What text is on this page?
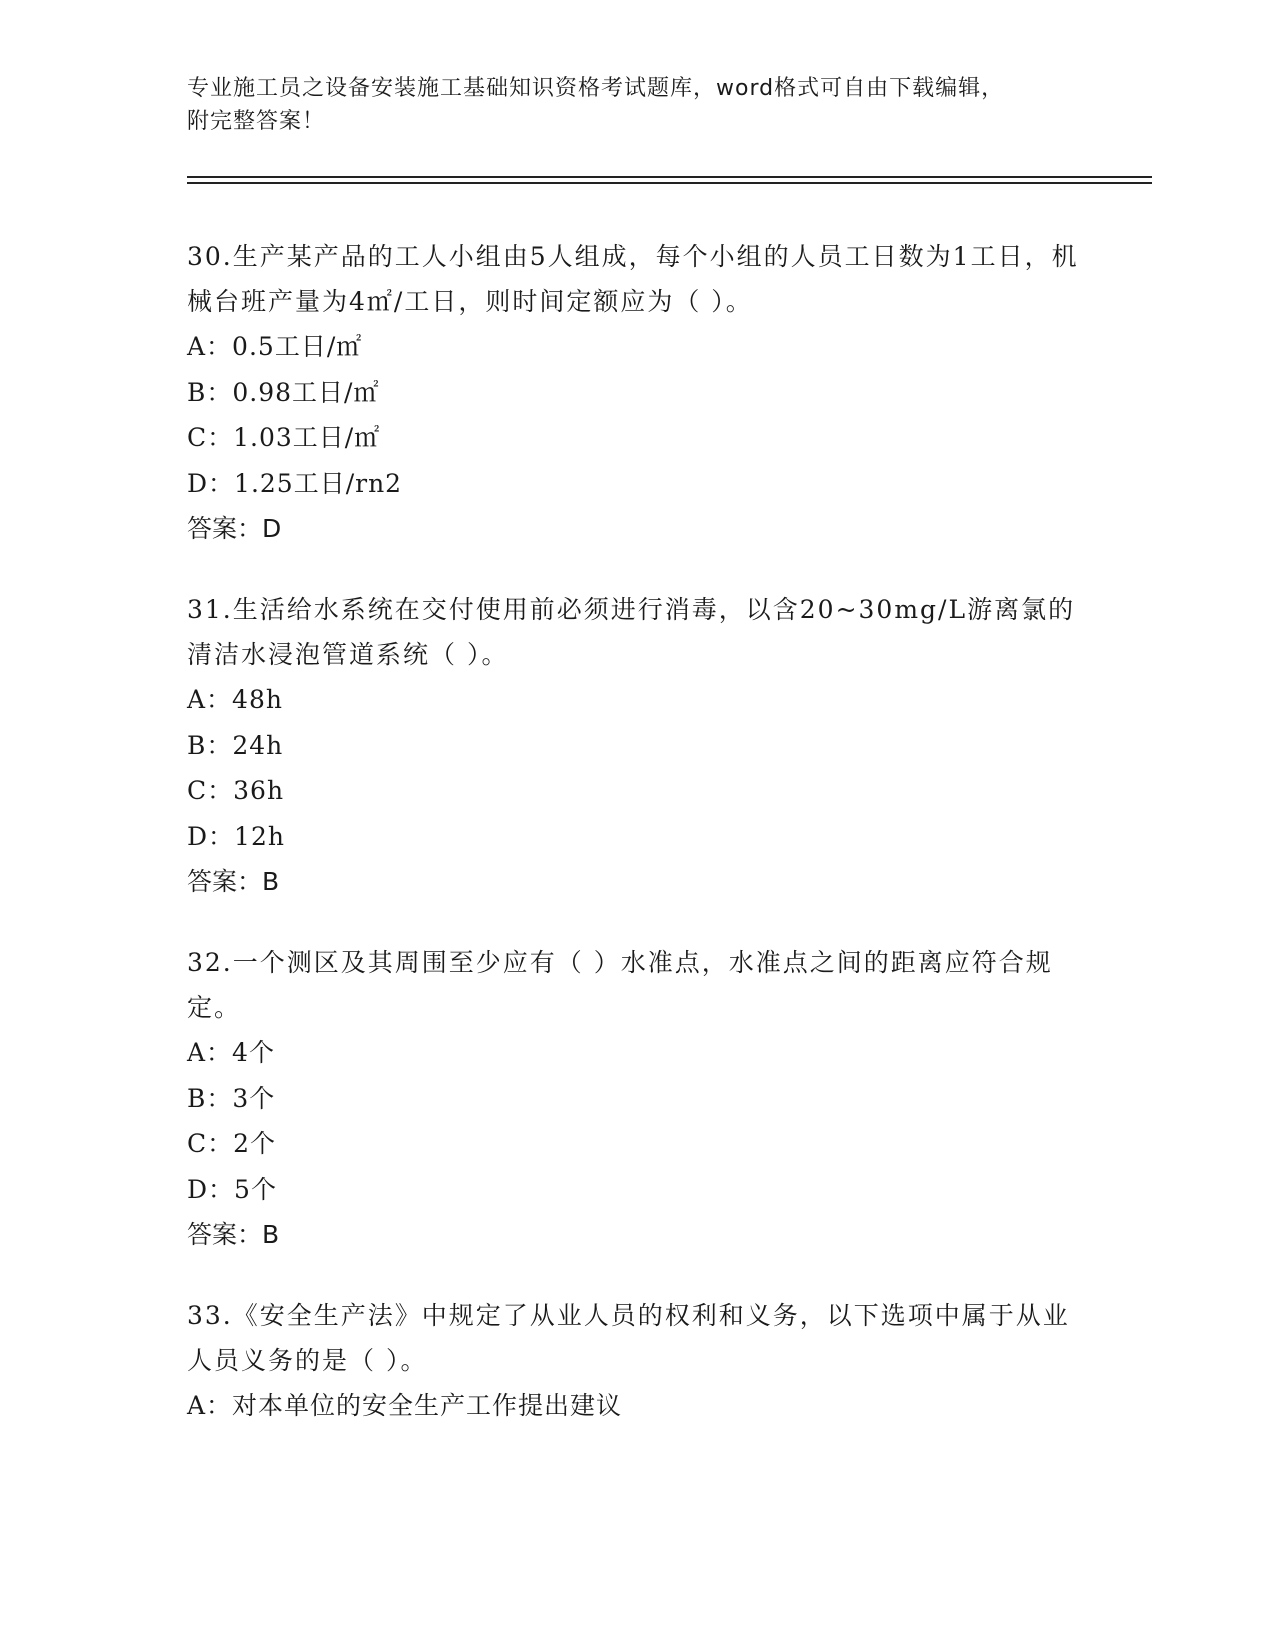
专业施工员之设备安装施工基础知识资格考试题库，word格式可自由下载编辑，
附完整答案！

30.生产某产品的工人小组由5人组成，每个小组的人员工日数为1工日，机械台班产量为4㎡/工日，则时间定额应为（ ）。

A：0.5工日/㎡

B：0.98工日/㎡

C：1.03工日/㎡

D：1.25工日/rn2

答案：D

31.生活给水系统在交付使用前必须进行消毒，以含20~30mg/L游离氯的清洁水浸泡管道系统（ ）。

A：48h

B：24h

C：36h

D：12h

答案：B

32.一个测区及其周围至少应有（ ）水准点，水准点之间的距离应符合规定。

A：4个

B：3个

C：2个

D：5个

答案：B

33.《安全生产法》中规定了从业人员的权利和义务，以下选项中属于从业人员义务的是（ ）。

A：对本单位的安全生产工作提出建议
